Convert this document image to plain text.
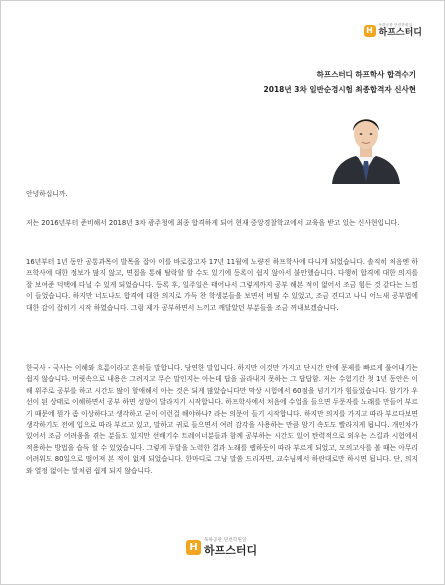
H
독하공관 단련학원일
하프스터디
하프스터디 하프학사 합격수기
2018년 3차 일반순경시험 최종합격자 신사현
안녕하십니까.
저는 2016년부터 준비해서 2018년 3차 광주청에 최종 합격하게 되어 현재 중앙경찰학교에서 교육을 받고 있는 신사현입니다.
16년부터 1년 동안 공통과목이 발목을 잡아 이를 바로잡고자 17년 11월에 노량진 하프학사에 다니게 되었습니다. 솔직히 처음엔 하프학사에 대한 정보가 많지 않고, 면접을 통해 탈락할 할 수도 있기에 등록이 쉽지 않아서 불안했습니다. 다행히 합격에 대한 의지를 잘 보여준 덕택에 다닐 수 있게 되었습니다. 등록 후, 일주일은 태어나서 그렇게까지 공부 해본 적이 없어서 조금 힘든 것 같다는 느낌이 들었습니다. 하지만 너도나도 합격에 대한 의지로 가득 찬 학생분들을 보면서 버틸 수 있었고, 조금 견디고 나니 어느새 공부법에 대한 감이 잡히기 시작 하였습니다. 그럼 제가 공부하면서 느끼고 깨달았던 부분들을 조금 꺼내보겠습니다.
한국사 - 국사는 이해와 흐름이라고 흔히들 말합니다. 당연한 말입니다. 하지만 이것만 가지고 단시간 안에 문제를 빠르게 풀어내기는 쉽지 않습니다. 머릿속으로 내용은 그려지고 무슨 말인지는 아는데 답을 골라내지 못하는 그 답답함. 저는 수험기간 첫 1년 동안은 이해 위주로 공부를 하고 시간도 많이 할애해서 아는 것은 되게 많았습니다만 막상 시험에서 60점을 넘기기가 힘들었습니다. 암기가 우선이 된 상태로 이해하면서 공부 하면 성향이 달라지기 시작합니다. 하프학사에서 처음에 수업을 들으면 두문자를 노래를 만들어 부르기 때문에 뭔가 좀 이상하다고 생각하고 굳이 이런걸 해야하나? 라는 의문이 들기 시작합니다. 하지만 의지를 가지고 따라 부르다보면 생각하기도 전에 입으로 따라 부르고 있고, 말하고 귀로 들으면서 여러 감각을 사용하는 만큼 암기 속도도 빨라지게 됩니다. 개인차가 있어서 조금 어려움을 겪는 분들도 있지만 선배기수 트레이너분들과 함께 공부하는 시간도 있어 탄력적으로 외우는 스킬과 시험에서 적용하는 방법을 습득 할 수 있었습니다. 그렇게 두달을 노력한 결과 노래를 랩하듯이 따라 부르게 되었고, 모의고사를 볼 때는 아무리 어려워도 80일으로 떨어져 본 적이 없게 되었습니다. 한마디로 그냥 말씀 드리자면, 교수님께서 하란대로만 하시면 됩니다. 단, 의지와 열정 없이는 말처럼 쉽게 되지 않습니다.
H
독하공관 단련학원일
하프스터디
